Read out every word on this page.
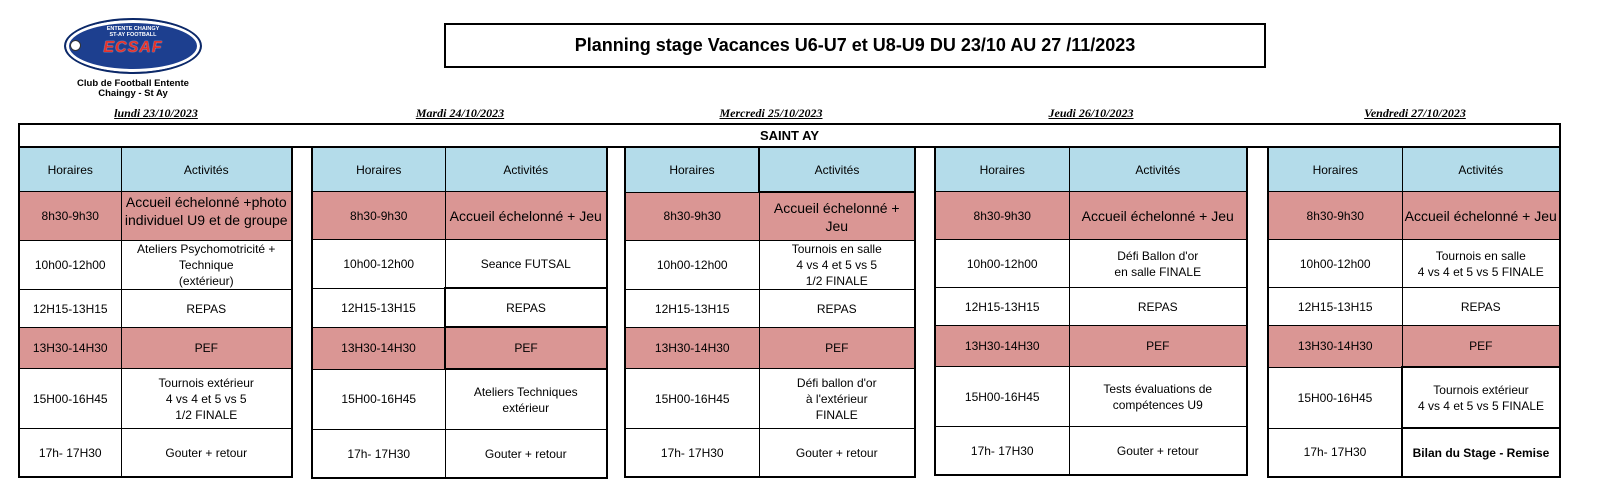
ENTENTE CHAINGY
ST-AY FOOTBALL
ECSAF
Club de Football Entente
Chaingy - St Ay
Planning stage Vacances U6-U7 et U8-U9 DU 23/10 AU 27 /11/2023
lundi 23/10/2023	Mardi 24/10/2023	Mercredi 25/10/2023	Jeudi 26/10/2023	Vendredi 27/10/2023
SAINT AY
Horaires	Activités
8h30-9h30	Accueil échelonné +photo individuel U9 et de groupe
10h00-12h00	Ateliers Psychomotricité +
Technique
(extérieur)
12H15-13H15	REPAS
13H30-14H30	PEF
15H00-16H45	Tournois extérieur
4 vs 4 et 5 vs 5
1/2 FINALE
17h- 17H30	Gouter + retour
Horaires	Activités
8h30-9h30	Accueil échelonné + Jeu
10h00-12h00	Seance FUTSAL
12H15-13H15	REPAS
13H30-14H30	PEF
15H00-16H45	Ateliers Techniques
extérieur
17h- 17H30	Gouter + retour
Horaires	Activités
8h30-9h30	Accueil échelonné + Jeu
10h00-12h00	Tournois en salle
4 vs 4 et 5 vs 5
1/2 FINALE
12H15-13H15	REPAS
13H30-14H30	PEF
15H00-16H45	Défi ballon d'or
à l'extérieur
FINALE
17h- 17H30	Gouter + retour
Horaires	Activités
8h30-9h30	Accueil échelonné + Jeu
10h00-12h00	Défi Ballon d'or
en salle FINALE
12H15-13H15	REPAS
13H30-14H30	PEF
15H00-16H45	Tests évaluations de
compétences U9
17h- 17H30	Gouter + retour
Horaires	Activités
8h30-9h30	Accueil échelonné + Jeu
10h00-12h00	Tournois en salle
4 vs 4 et 5 vs 5 FINALE
12H15-13H15	REPAS
13H30-14H30	PEF
15H00-16H45	Tournois extérieur
4 vs 4 et 5 vs 5 FINALE
17h- 17H30	Bilan du Stage - Remise
